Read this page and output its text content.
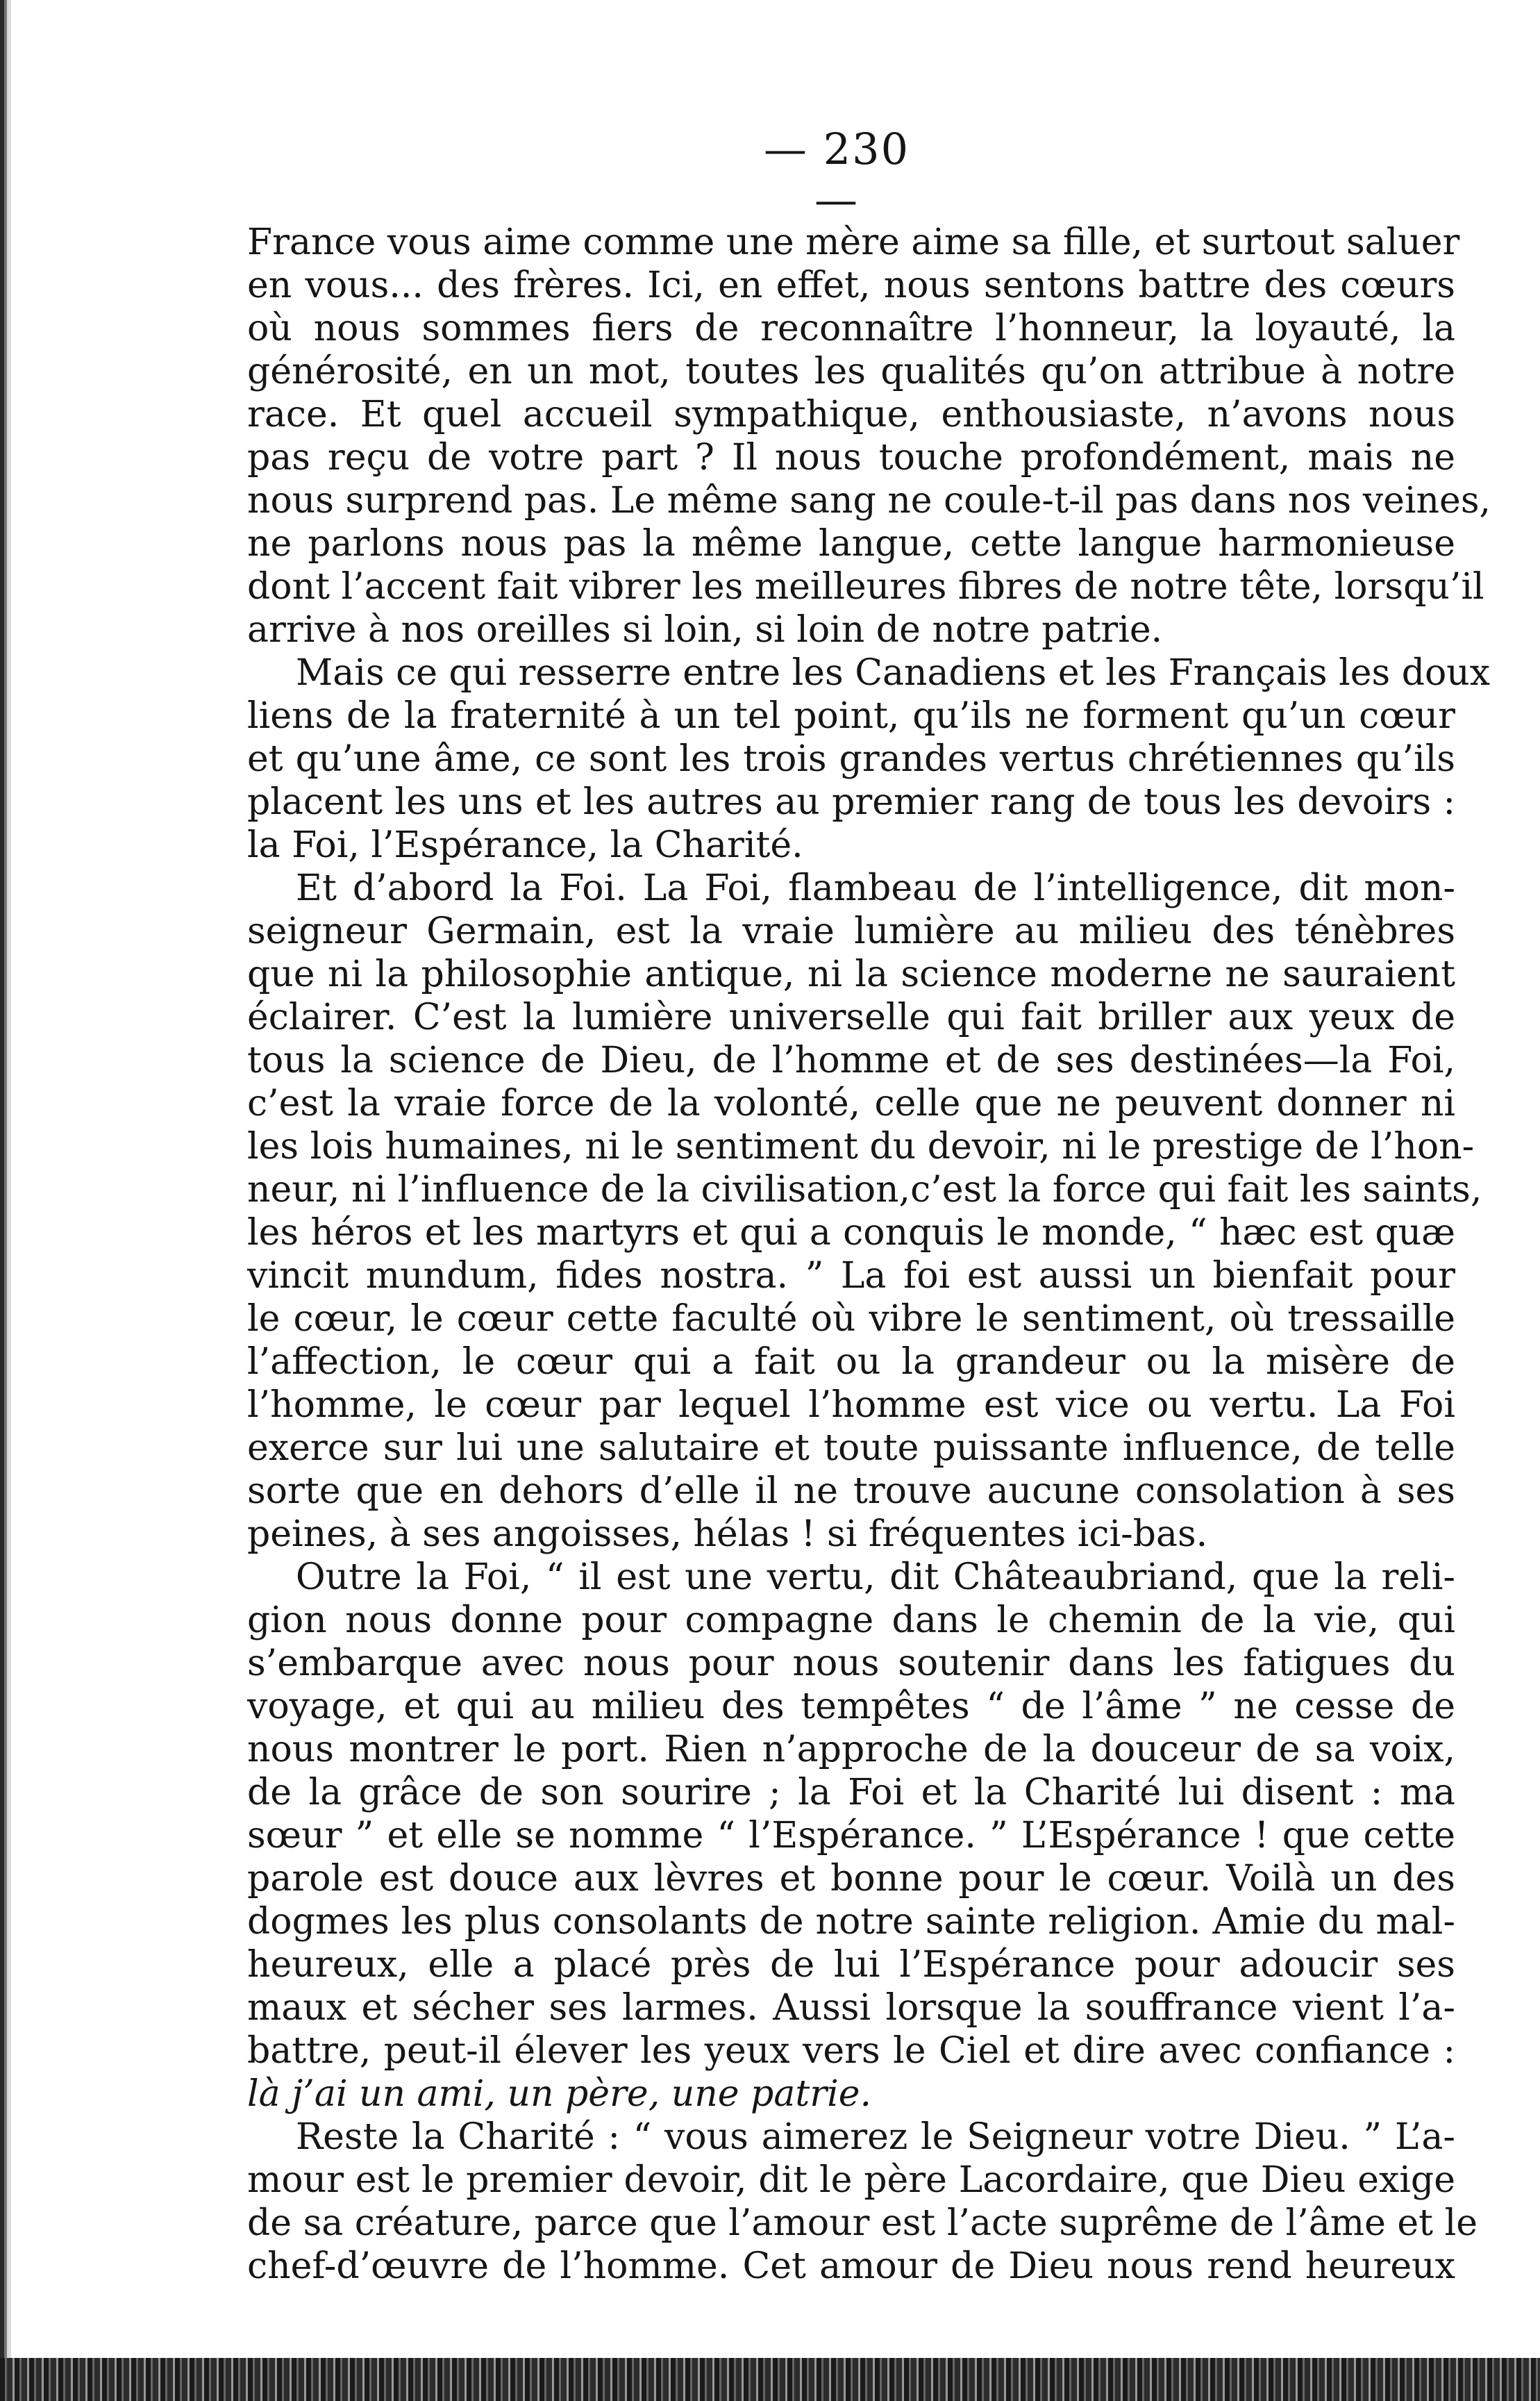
— 230 —
France vous aime comme une mère aime sa fille, et surtout saluer
en vous... des frères. Ici, en effet, nous sentons battre des cœurs
où nous sommes fiers de reconnaître l’honneur, la loyauté, la
générosité, en un mot, toutes les qualités qu’on attribue à notre
race. Et quel accueil sympathique, enthousiaste, n’avons nous
pas reçu de votre part ? Il nous touche profondément, mais ne
nous surprend pas. Le même sang ne coule-t-il pas dans nos veines,
ne parlons nous pas la même langue, cette langue harmonieuse
dont l’accent fait vibrer les meilleures fibres de notre tête, lorsqu’il
arrive à nos oreilles si loin, si loin de notre patrie.
Mais ce qui resserre entre les Canadiens et les Français les doux
liens de la fraternité à un tel point, qu’ils ne forment qu’un cœur
et qu’une âme, ce sont les trois grandes vertus chrétiennes qu’ils
placent les uns et les autres au premier rang de tous les devoirs :
la Foi, l’Espérance, la Charité.
Et d’abord la Foi. La Foi, flambeau de l’intelligence, dit mon-
seigneur Germain, est la vraie lumière au milieu des ténèbres
que ni la philosophie antique, ni la science moderne ne sauraient
éclairer. C’est la lumière universelle qui fait briller aux yeux de
tous la science de Dieu, de l’homme et de ses destinées—la Foi,
c’est la vraie force de la volonté, celle que ne peuvent donner ni
les lois humaines, ni le sentiment du devoir, ni le prestige de l’hon-
neur, ni l’influence de la civilisation,c’est la force qui fait les saints,
les héros et les martyrs et qui a conquis le monde, “ hæc est quæ
vincit mundum, fides nostra. ” La foi est aussi un bienfait pour
le cœur, le cœur cette faculté où vibre le sentiment, où tressaille
l’affection, le cœur qui a fait ou la grandeur ou la misère de
l’homme, le cœur par lequel l’homme est vice ou vertu. La Foi
exerce sur lui une salutaire et toute puissante influence, de telle
sorte que en dehors d’elle il ne trouve aucune consolation à ses
peines, à ses angoisses, hélas ! si fréquentes ici-bas.
Outre la Foi, “ il est une vertu, dit Châteaubriand, que la reli-
gion nous donne pour compagne dans le chemin de la vie, qui
s’embarque avec nous pour nous soutenir dans les fatigues du
voyage, et qui au milieu des tempêtes “ de l’âme ” ne cesse de
nous montrer le port. Rien n’approche de la douceur de sa voix,
de la grâce de son sourire ; la Foi et la Charité lui disent : ma
sœur ” et elle se nomme “ l’Espérance. ” L’Espérance ! que cette
parole est douce aux lèvres et bonne pour le cœur. Voilà un des
dogmes les plus consolants de notre sainte religion. Amie du mal-
heureux, elle a placé près de lui l’Espérance pour adoucir ses
maux et sécher ses larmes. Aussi lorsque la souffrance vient l’a-
battre, peut-il élever les yeux vers le Ciel et dire avec confiance :
là j’ai un ami, un père, une patrie.
Reste la Charité : “ vous aimerez le Seigneur votre Dieu. ” L’a-
mour est le premier devoir, dit le père Lacordaire, que Dieu exige
de sa créature, parce que l’amour est l’acte suprême de l’âme et le
chef-d’œuvre de l’homme. Cet amour de Dieu nous rend heureux
